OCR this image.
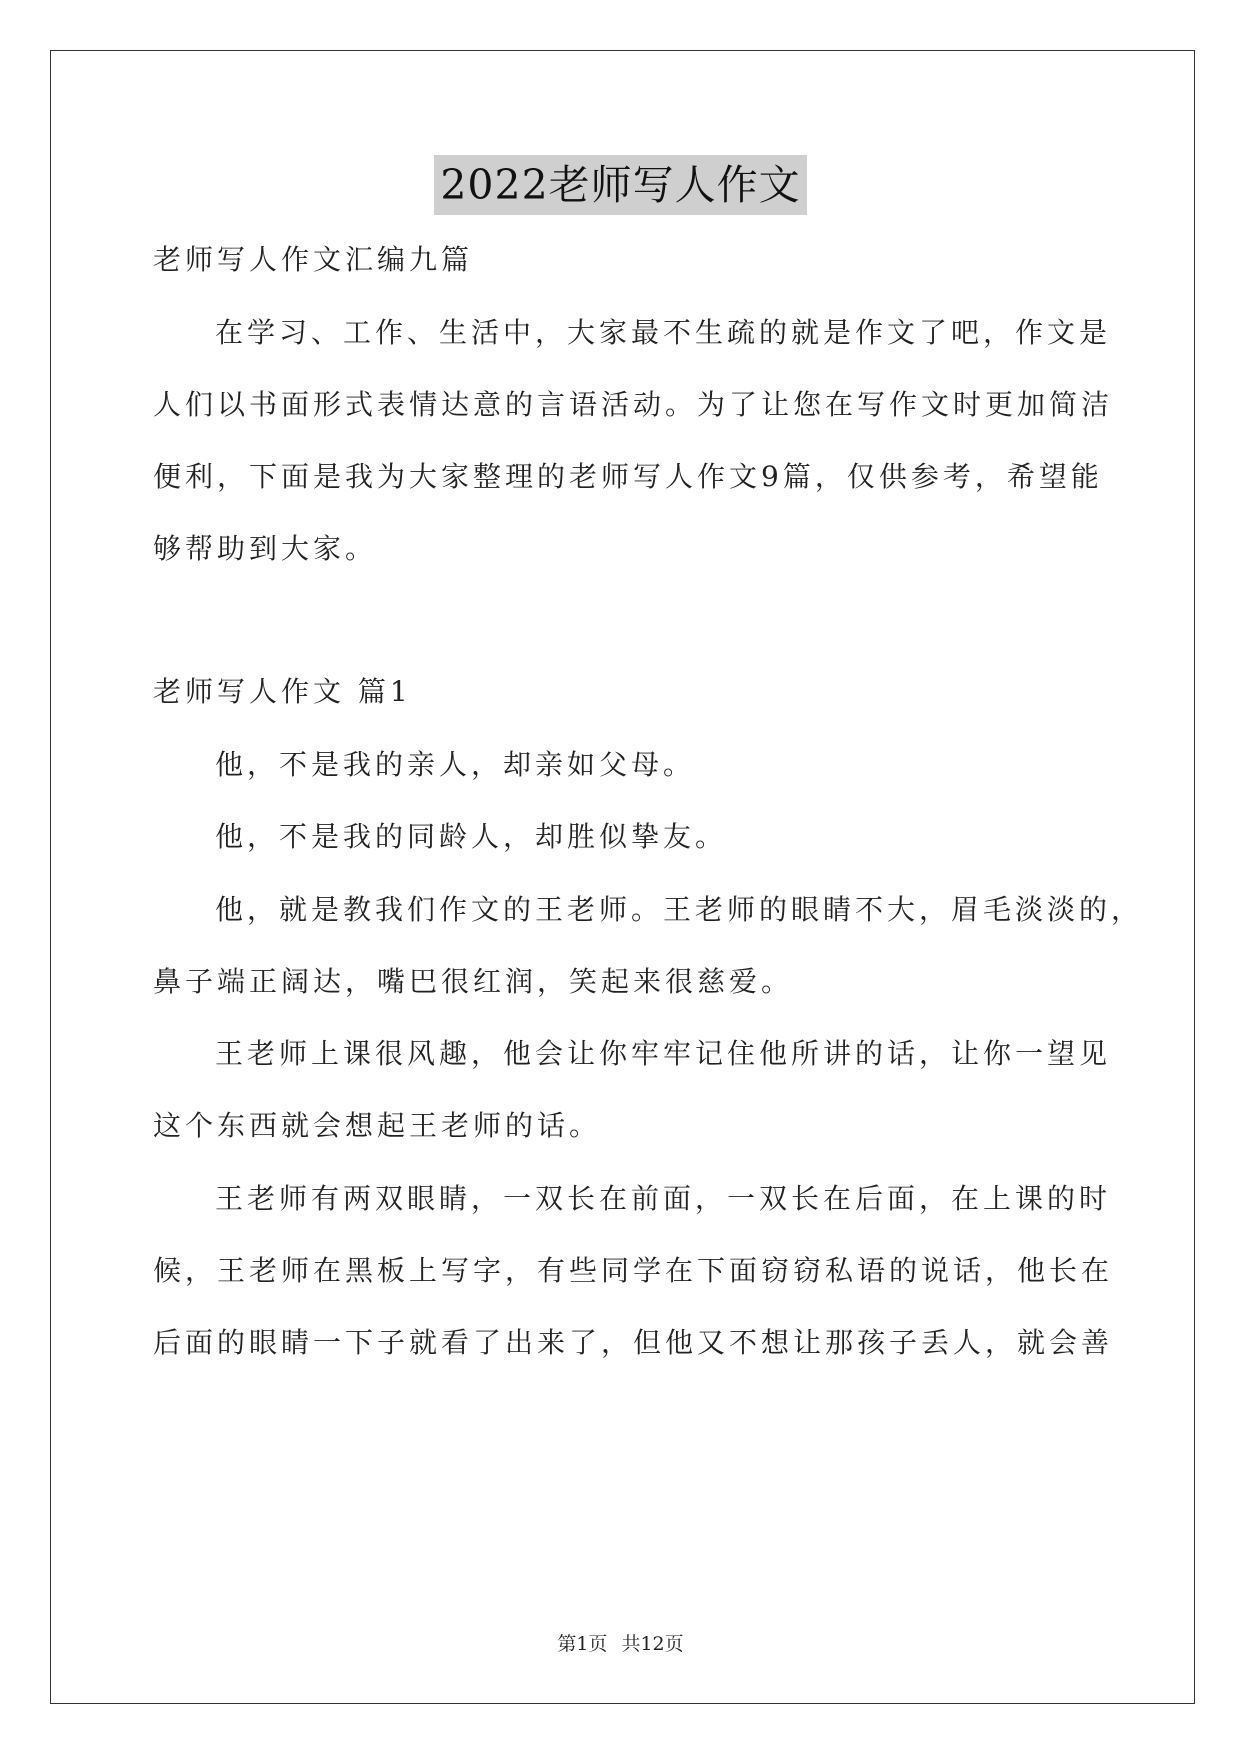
2022老师写人作文
老师写人作文汇编九篇
在学习、工作、生活中，大家最不生疏的就是作文了吧，作文是
人们以书面形式表情达意的言语活动。为了让您在写作文时更加简洁
便利，下面是我为大家整理的老师写人作文9篇，仅供参考，希望能
够帮助到大家。
老师写人作文 篇1
他，不是我的亲人，却亲如父母。
他，不是我的同龄人，却胜似挚友。
他，就是教我们作文的王老师。王老师的眼睛不大，眉毛淡淡的，
鼻子端正阔达，嘴巴很红润，笑起来很慈爱。
王老师上课很风趣，他会让你牢牢记住他所讲的话，让你一望见
这个东西就会想起王老师的话。
王老师有两双眼睛，一双长在前面，一双长在后面，在上课的时
候，王老师在黑板上写字，有些同学在下面窃窃私语的说话，他长在
后面的眼睛一下子就看了出来了，但他又不想让那孩子丢人，就会善
第1页 共12页
